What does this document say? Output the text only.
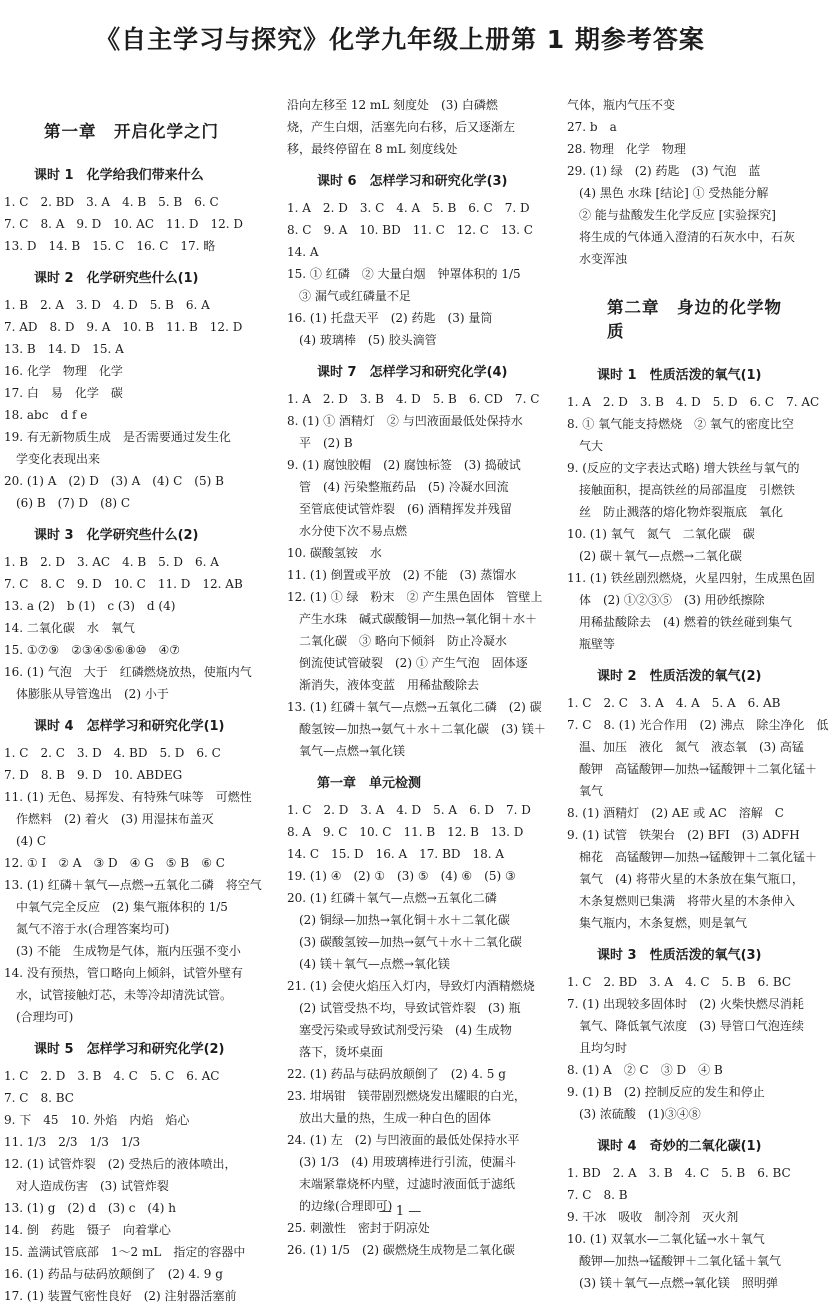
《自主学习与探究》化学九年级上册第 1 期参考答案
第一章　开启化学之门
课时 1　化学给我们带来什么
1. C　2. BD　3. A　4. B　5. B　6. C
7. C　8. A　9. D　10. AC　11. D　12. D
13. D　14. B　15. C　16. C　17. 略
课时 2　化学研究些什么(1)
1. B　2. A　3. D　4. D　5. B　6. A
7. AD　8. D　9. A　10. B　11. B　12. D
13. B　14. D　15. A
16. 化学　物理　化学
17. 白　易　化学　碳
18. abc　d f e
19. 有无新物质生成　是否需要通过发生化
　学变化表现出来
20. (1) A　(2) D　(3) A　(4) C　(5) B
　(6) B　(7) D　(8) C
课时 3　化学研究些什么(2)
1. B　2. D　3. AC　4. B　5. D　6. A
7. C　8. C　9. D　10. C　11. D　12. AB
13. a (2)　b (1)　c (3)　d (4)
14. 二氧化碳　水　氧气
15. ①⑦⑨　②③④⑤⑥⑧⑩　④⑦
16. (1) 气泡　大于　红磷燃烧放热，使瓶内气
　体膨胀从导管逸出　(2) 小于
课时 4　怎样学习和研究化学(1)
1. C　2. C　3. D　4. BD　5. D　6. C
7. D　8. B　9. D　10. ABDEG
11. (1) 无色、易挥发、有特殊气味等　可燃性
　作燃料　(2) 着火　(3) 用湿抹布盖灭
　(4) C
12. ① I　② A　③ D　④ G　⑤ B　⑥ C
13. (1) 红磷＋氧气—点燃→五氧化二磷　将空气
　中氧气完全反应　(2) 集气瓶体积的 1/5
　氮气不溶于水(合理答案均可)
　(3) 不能　生成物是气体，瓶内压强不变小
14. 没有预热，管口略向上倾斜，试管外壁有
　水，试管接触灯芯，未等冷却清洗试管。
　(合理均可)
课时 5　怎样学习和研究化学(2)
1. C　2. D　3. B　4. C　5. C　6. AC
7. C　8. BC
9. 下　45　10. 外焰　内焰　焰心
11. 1/3　2/3　1/3　1/3
12. (1) 试管炸裂　(2) 受热后的液体喷出，
　对人造成伤害　(3) 试管炸裂
13. (1) g　(2) d　(3) c　(4) h
14. 倒　药匙　镊子　向着掌心
15. 盖满试管底部　1～2 mL　指定的容器中
16. (1) 药品与砝码放颠倒了　(2) 4. 9 g
17. (1) 装置气密性良好　(2) 注射器活塞前
沿向左移至 12 mL 刻度处　(3) 白磷燃
烧，产生白烟，活塞先向右移，后又逐渐左
移，最终停留在 8 mL 刻度线处
课时 6　怎样学习和研究化学(3)
1. A　2. D　3. C　4. A　5. B　6. C　7. D
8. C　9. A　10. BD　11. C　12. C　13. C
14. A
15. ① 红磷　② 大量白烟　钟罩体积的 1/5
　③ 漏气或红磷量不足
16. (1) 托盘天平　(2) 药匙　(3) 量筒
　(4) 玻璃棒　(5) 胶头滴管
课时 7　怎样学习和研究化学(4)
1. A　2. D　3. B　4. D　5. B　6. CD　7. C
8. (1) ① 酒精灯　② 与凹液面最低处保持水
　平　(2) B
9. (1) 腐蚀胶帽　(2) 腐蚀标签　(3) 捣破试
　管　(4) 污染整瓶药品　(5) 冷凝水回流
　至管底使试管炸裂　(6) 酒精挥发并残留
　水分使下次不易点燃
10. 碳酸氢铵　水
11. (1) 倒置或平放　(2) 不能　(3) 蒸馏水
12. (1) ① 绿　粉末　② 产生黑色固体　管壁上
　产生水珠　碱式碳酸铜—加热→氧化铜＋水＋
　二氧化碳　③ 略向下倾斜　防止冷凝水
　倒流使试管破裂　(2) ① 产生气泡　固体逐
　渐消失，液体变蓝　用稀盐酸除去
13. (1) 红磷＋氧气—点燃→五氧化二磷　(2) 碳
　酸氢铵—加热→氨气＋水＋二氧化碳　(3) 镁＋
　氧气—点燃→氧化镁
第一章　单元检测
1. C　2. D　3. A　4. D　5. A　6. D　7. D
8. A　9. C　10. C　11. B　12. B　13. D
14. C　15. D　16. A　17. BD　18. A
19. (1) ④　(2) ①　(3) ⑤　(4) ⑥　(5) ③
20. (1) 红磷＋氧气—点燃→五氧化二磷
　(2) 铜绿—加热→氧化铜＋水＋二氧化碳
　(3) 碳酸氢铵—加热→氨气＋水＋二氧化碳
　(4) 镁＋氧气—点燃→氧化镁
21. (1) 会使火焰压入灯内，导致灯内酒精燃烧
　(2) 试管受热不均，导致试管炸裂　(3) 瓶
　塞受污染或导致试剂受污染　(4) 生成物
　落下，烫坏桌面
22. (1) 药品与砝码放颠倒了　(2) 4. 5 g
23. 坩埚钳　镁带剧烈燃烧发出耀眼的白光，
　放出大量的热，生成一种白色的固体
24. (1) 左　(2) 与凹液面的最低处保持水平
　(3) 1/3　(4) 用玻璃棒进行引流，使漏斗
　末端紧靠烧杯内壁，过滤时液面低于滤纸
　的边缘(合理即可)
25. 刺激性　密封于阴凉处
26. (1) 1/5　(2) 碳燃烧生成物是二氧化碳
气体，瓶内气压不变
27. b　a
28. 物理　化学　物理
29. (1) 绿　(2) 药匙　(3) 气泡　蓝
　(4) 黑色 水珠 [结论] ① 受热能分解
　② 能与盐酸发生化学反应 [实验探究]
　将生成的气体通入澄清的石灰水中，石灰
　水变浑浊
第二章　身边的化学物质
课时 1　性质活泼的氧气(1)
1. A　2. D　3. B　4. D　5. D　6. C　7. AC
8. ① 氧气能支持燃烧　② 氧气的密度比空
　气大
9. (反应的文字表达式略) 增大铁丝与氧气的
　接触面积，提高铁丝的局部温度　引燃铁
　丝　防止溅落的熔化物炸裂瓶底　氧化
10. (1) 氧气　氮气　二氧化碳　碳
　(2) 碳＋氧气—点燃→二氧化碳
11. (1) 铁丝剧烈燃烧，火星四射，生成黑色固
　体　(2) ①②③⑤　(3) 用砂纸擦除
　用稀盐酸除去　(4) 燃着的铁丝碰到集气
　瓶壁等
课时 2　性质活泼的氧气(2)
1. C　2. C　3. A　4. A　5. A　6. AB
7. C　8. (1) 光合作用　(2) 沸点　除尘净化　低
　温、加压　液化　氮气　液态氧　(3) 高锰
　酸钾　高锰酸钾—加热→锰酸钾＋二氧化锰＋
　氧气
8. (1) 酒精灯　(2) AE 或 AC　溶解　C
9. (1) 试管　铁架台　(2) BFI　(3) ADFH
　棉花　高锰酸钾—加热→锰酸钾＋二氧化锰＋
　氧气　(4) 将带火星的木条放在集气瓶口，
　木条复燃则已集满　将带火星的木条伸入
　集气瓶内，木条复燃，则是氧气
课时 3　性质活泼的氧气(3)
1. C　2. BD　3. A　4. C　5. B　6. BC
7. (1) 出现较多固体时　(2) 火柴快燃尽消耗
　氧气、降低氧气浓度　(3) 导管口气泡连续
　且均匀时
8. (1) A　② C　③ D　④ B
9. (1) B　(2) 控制反应的发生和停止
　(3) 浓硫酸　(1)③④⑧
课时 4　奇妙的二氧化碳(1)
1. BD　2. A　3. B　4. C　5. B　6. BC
7. C　8. B
9. 干冰　吸收　制冷剂　灭火剂
10. (1) 双氧水—二氧化锰→水＋氧气
　酸钾—加热→锰酸钾＋二氧化锰＋氧气
　(3) 镁＋氧气—点燃→氧化镁　照明弹
— 1 —
